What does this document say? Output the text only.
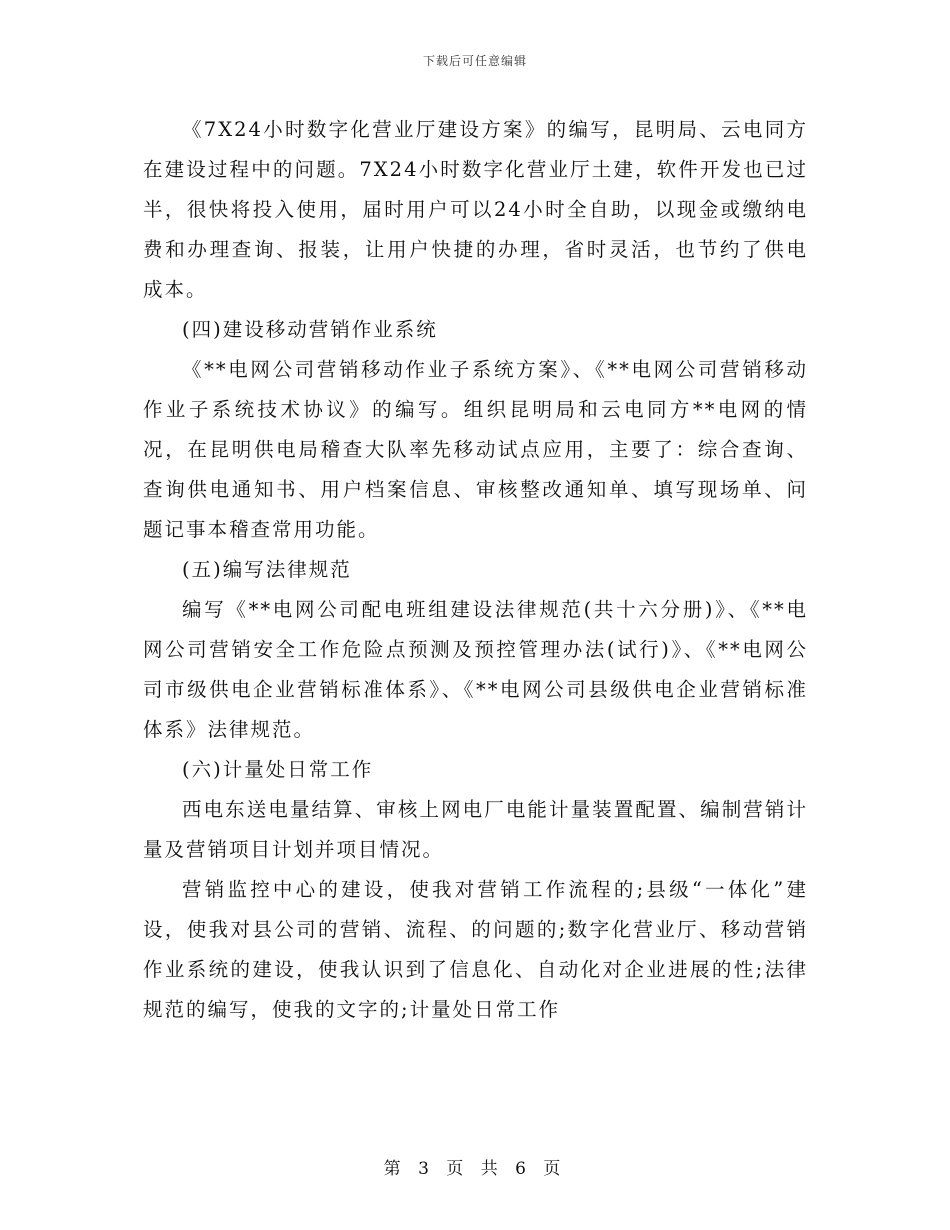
下载后可任意编辑

《7X24小时数字化营业厅建设方案》的编写，昆明局、云电同方在建设过程中的问题。7X24小时数字化营业厅土建，软件开发也已过半，很快将投入使用，届时用户可以24小时全自助，以现金或缴纳电费和办理查询、报装，让用户快捷的办理，省时灵活，也节约了供电成本。

(四)建设移动营销作业系统

《**电网公司营销移动作业子系统方案》、《**电网公司营销移动作业子系统技术协议》的编写。组织昆明局和云电同方**电网的情况，在昆明供电局稽查大队率先移动试点应用，主要了：综合查询、查询供电通知书、用户档案信息、审核整改通知单、填写现场单、问题记事本稽查常用功能。

(五)编写法律规范

编写《**电网公司配电班组建设法律规范(共十六分册)》、《**电网公司营销安全工作危险点预测及预控管理办法(试行)》、《**电网公司市级供电企业营销标准体系》、《**电网公司县级供电企业营销标准体系》法律规范。

(六)计量处日常工作

西电东送电量结算、审核上网电厂电能计量装置配置、编制营销计量及营销项目计划并项目情况。

营销监控中心的建设，使我对营销工作流程的;县级“一体化”建设，使我对县公司的营销、流程、的问题的;数字化营业厅、移动营销作业系统的建设，使我认识到了信息化、自动化对企业进展的性;法律规范的编写，使我的文字的;计量处日常工作

第 3 页 共 6 页
